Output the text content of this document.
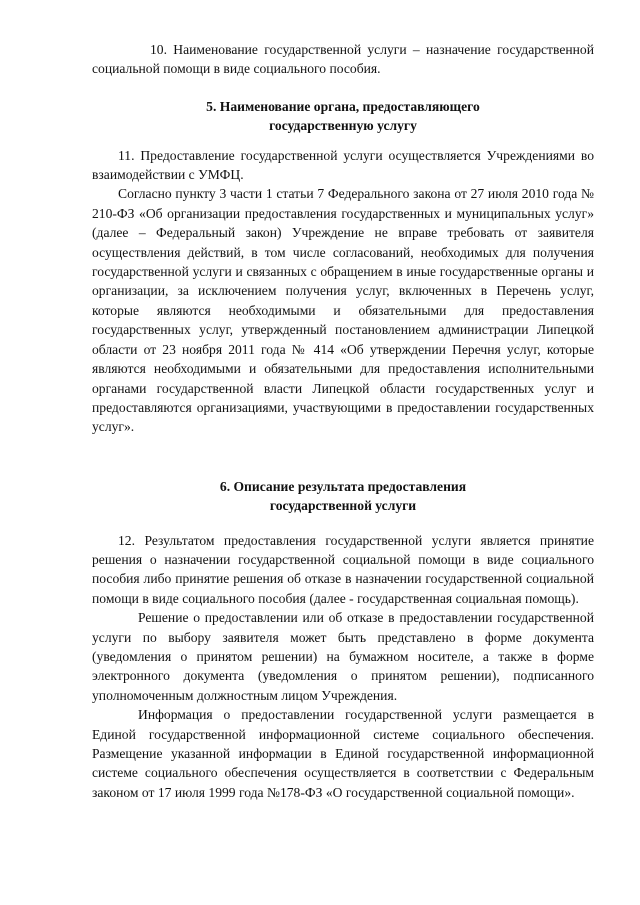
10. Наименование государственной услуги – назначение государственной социальной помощи в виде социального пособия.

5. Наименование органа, предоставляющего
государственную услугу

11. Предоставление государственной услуги осуществляется Учреждениями во взаимодействии с УМФЦ.

Согласно пункту 3 части 1 статьи 7 Федерального закона от 27 июля 2010 года № 210-ФЗ «Об организации предоставления государственных и муниципальных услуг» (далее – Федеральный закон) Учреждение не вправе требовать от заявителя осуществления действий, в том числе согласований, необходимых для получения государственной услуги и связанных с обращением в иные государственные органы и организации, за исключением получения услуг, включенных в Перечень услуг, которые являются необходимыми и обязательными для предоставления государственных услуг, утвержденный постановлением администрации Липецкой области от 23 ноября 2011 года № 414 «Об утверждении Перечня услуг, которые являются необходимыми и обязательными для предоставления исполнительными органами государственной власти Липецкой области государственных услуг и предоставляются организациями, участвующими в предоставлении государственных услуг».

6. Описание результата предоставления
государственной услуги

12. Результатом предоставления государственной услуги является принятие решения о назначении государственной социальной помощи в виде социального пособия либо принятие решения об отказе в назначении государственной социальной помощи в виде социального пособия (далее - государственная социальная помощь).

Решение о предоставлении или об отказе в предоставлении государственной услуги по выбору заявителя может быть представлено в форме документа (уведомления о принятом решении) на бумажном носителе, а также в форме электронного документа (уведомления о принятом решении), подписанного уполномоченным должностным лицом Учреждения.

Информация о предоставлении государственной услуги размещается в Единой государственной информационной системе социального обеспечения. Размещение указанной информации в Единой государственной информационной системе социального обеспечения осуществляется в соответствии с Федеральным законом от 17 июля 1999 года №178-ФЗ «О государственной социальной помощи».
